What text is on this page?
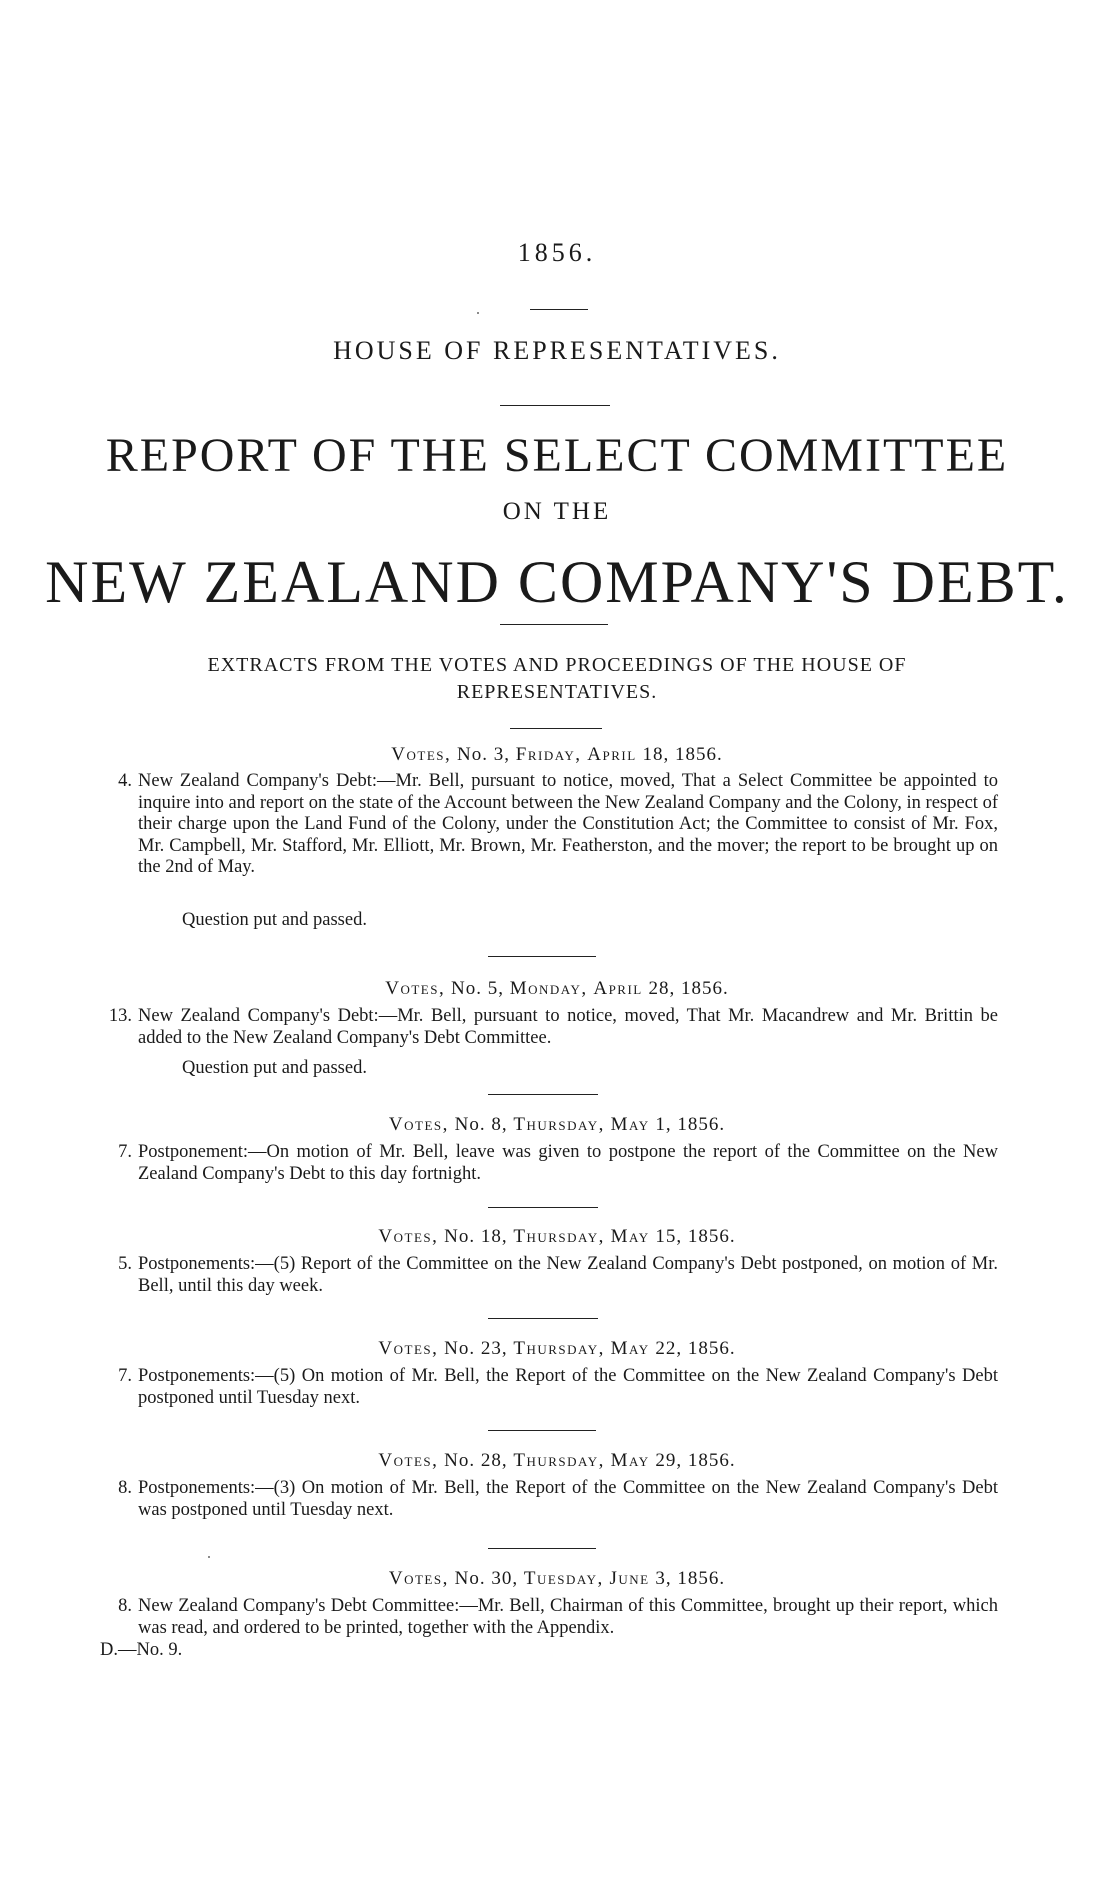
1856.
HOUSE OF REPRESENTATIVES.
REPORT OF THE SELECT COMMITTEE
ON THE
NEW ZEALAND COMPANY'S DEBT.
EXTRACTS FROM THE VOTES AND PROCEEDINGS OF THE HOUSE OF REPRESENTATIVES.
Votes, No. 3, Friday, April 18, 1856.
4. New Zealand Company's Debt:—Mr. Bell, pursuant to notice, moved, That a Select Committee be appointed to inquire into and report on the state of the Account between the New Zealand Company and the Colony, in respect of their charge upon the Land Fund of the Colony, under the Constitution Act; the Committee to consist of Mr. Fox, Mr. Campbell, Mr. Stafford, Mr. Elliott, Mr. Brown, Mr. Featherston, and the mover; the report to be brought up on the 2nd of May.

Question put and passed.
Votes, No. 5, Monday, April 28, 1856.
13. New Zealand Company's Debt:—Mr. Bell, pursuant to notice, moved, That Mr. Macandrew and Mr. Brittin be added to the New Zealand Company's Debt Committee.

Question put and passed.
Votes, No. 8, Thursday, May 1, 1856.
7. Postponement:—On motion of Mr. Bell, leave was given to postpone the report of the Committee on the New Zealand Company's Debt to this day fortnight.

Votes, No. 18, Thursday, May 15, 1856.
5. Postponements:—(5) Report of the Committee on the New Zealand Company's Debt postponed, on motion of Mr. Bell, until this day week.

Votes, No. 23, Thursday, May 22, 1856.
7. Postponements:—(5) On motion of Mr. Bell, the Report of the Committee on the New Zealand Company's Debt postponed until Tuesday next.

Votes, No. 28, Thursday, May 29, 1856.
8. Postponements:—(3) On motion of Mr. Bell, the Report of the Committee on the New Zealand Company's Debt was postponed until Tuesday next.

Votes, No. 30, Tuesday, June 3, 1856.
8. New Zealand Company's Debt Committee:—Mr. Bell, Chairman of this Committee, brought up their report, which was read, and ordered to be printed, together with the Appendix.

D.—No. 9.
